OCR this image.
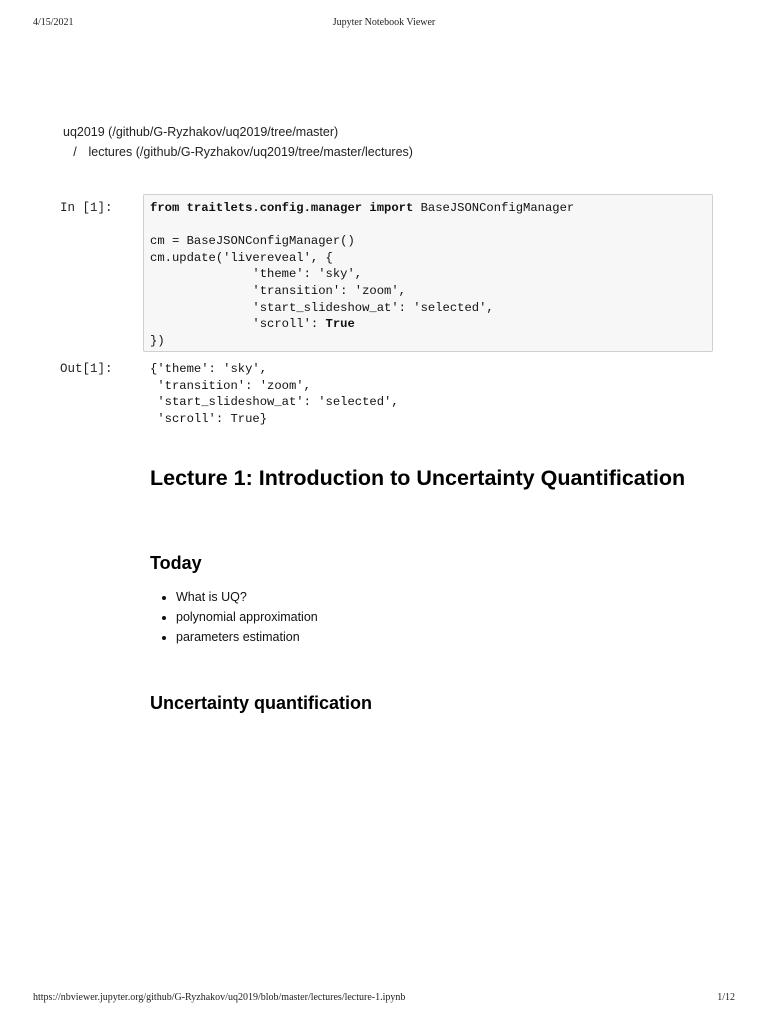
4/15/2021	Jupyter Notebook Viewer
uq2019 (/github/G-Ryzhakov/uq2019/tree/master)
/ lectures (/github/G-Ryzhakov/uq2019/tree/master/lectures)
In [1]:	from traitlets.config.manager import BaseJSONConfigManager

cm = BaseJSONConfigManager()
cm.update('livereveal', {
'theme': 'sky',
'transition': 'zoom',
'start_slideshow_at': 'selected',
'scroll': True
})
Out[1]:	{'theme': 'sky',
'transition': 'zoom',
'start_slideshow_at': 'selected',
'scroll': True}
Lecture 1: Introduction to Uncertainty Quantification
Today
• What is UQ?
• polynomial approximation
• parameters estimation
Uncertainty quantification
https://nbviewer.jupyter.org/github/G-Ryzhakov/uq2019/blob/master/lectures/lecture-1.ipynb	1/12
